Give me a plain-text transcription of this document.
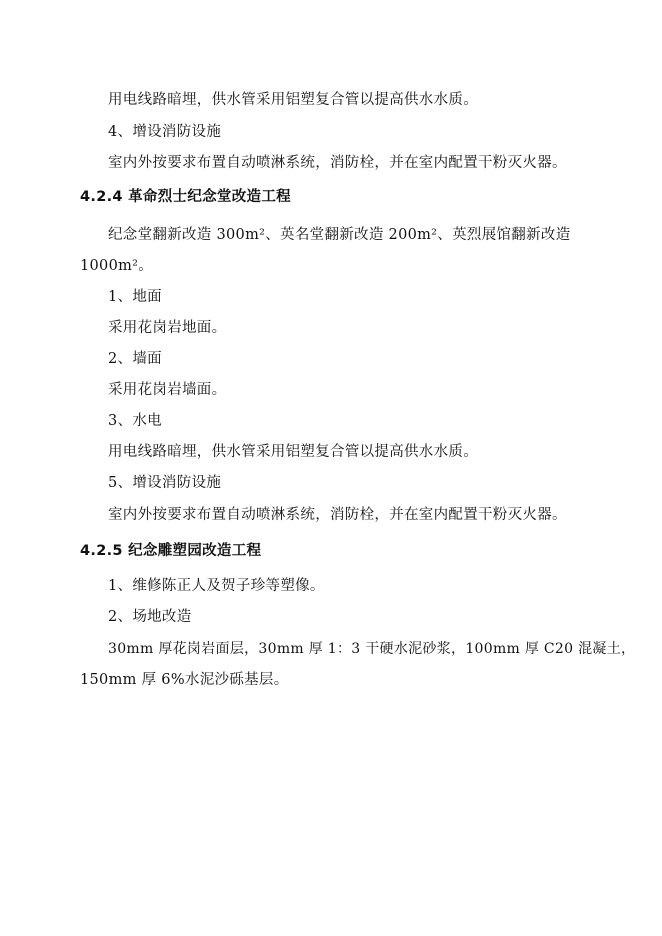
用电线路暗埋，供水管采用铝塑复合管以提高供水水质。
4、增设消防设施
室内外按要求布置自动喷淋系统，消防栓，并在室内配置干粉灭火器。
4.2.4 革命烈士纪念堂改造工程
纪念堂翻新改造 300m²、英名堂翻新改造 200m²、英烈展馆翻新改造
1000m²。
1、地面
采用花岗岩地面。
2、墙面
采用花岗岩墙面。
3、水电
用电线路暗埋，供水管采用铝塑复合管以提高供水水质。
5、增设消防设施
室内外按要求布置自动喷淋系统，消防栓，并在室内配置干粉灭火器。
4.2.5 纪念雕塑园改造工程
1、维修陈正人及贺子珍等塑像。
2、场地改造
30mm 厚花岗岩面层，30mm 厚 1：3 干硬水泥砂浆，100mm 厚 C20 混凝土，
150mm 厚 6%水泥沙砾基层。
